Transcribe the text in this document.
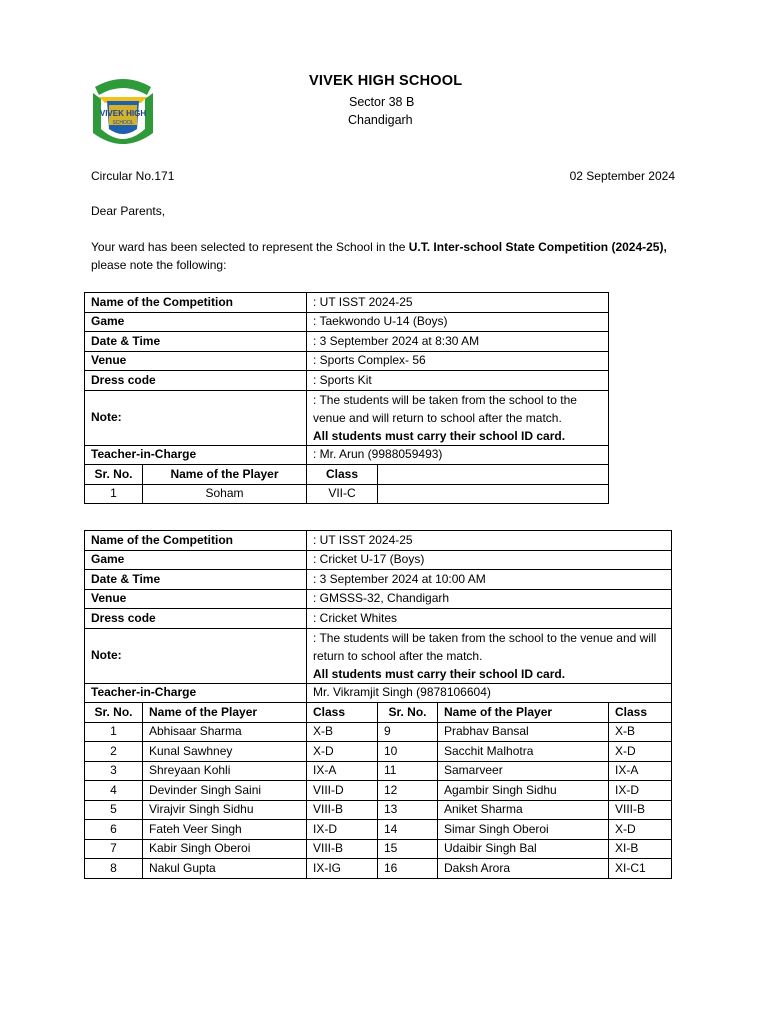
VIVEK HIGH
SCHOOL
VIVEK HIGH SCHOOL
Sector 38 B
Chandigarh
Circular No.171	02 September 2024
Dear Parents,
Your ward has been selected to represent the School in the U.T. Inter-school State Competition (2024-25), please note the following:
Name of the Competition		: UT ISST 2024-25	
Game		: Taekwondo U-14 (Boys)	
Date & Time		: 3 September 2024 at 8:30 AM	
Venue		: Sports Complex- 56	
Dress code		: Sports Kit	
Note:		: The students will be taken from the school to the venue and will return to school after the match.
All students must carry their school ID card.	
Teacher-in-Charge		: Mr. Arun (9988059493)	
Sr. No.	Name of the Player	Class	
1	Soham	VII-C	
Name of the Competition		: UT ISST 2024-25			
Game		: Cricket U-17 (Boys)			
Date & Time		: 3 September 2024 at 10:00 AM			
Venue		: GMSSS-32, Chandigarh			
Dress code		: Cricket Whites			
Note:		: The students will be taken from the school to the venue and will return to school after the match.
All students must carry their school ID card.			
Teacher-in-Charge		Mr. Vikramjit Singh (9878106604)			
Sr. No.	Name of the Player	Class	Sr. No.	Name of the Player	Class
1	Abhisaar Sharma	X-B	9	Prabhav Bansal	X-B
2	Kunal Sawhney	X-D	10	Sacchit Malhotra	X-D
3	Shreyaan Kohli	IX-A	11	Samarveer	IX-A
4	Devinder Singh Saini	VIII-D	12	Agambir Singh Sidhu	IX-D
5	Virajvir Singh Sidhu	VIII-B	13	Aniket Sharma	VIII-B
6	Fateh Veer Singh	IX-D	14	Simar Singh Oberoi	X-D
7	Kabir Singh Oberoi	VIII-B	15	Udaibir Singh Bal	XI-B
8	Nakul Gupta	IX-IG	16	Daksh Arora	XI-C1
